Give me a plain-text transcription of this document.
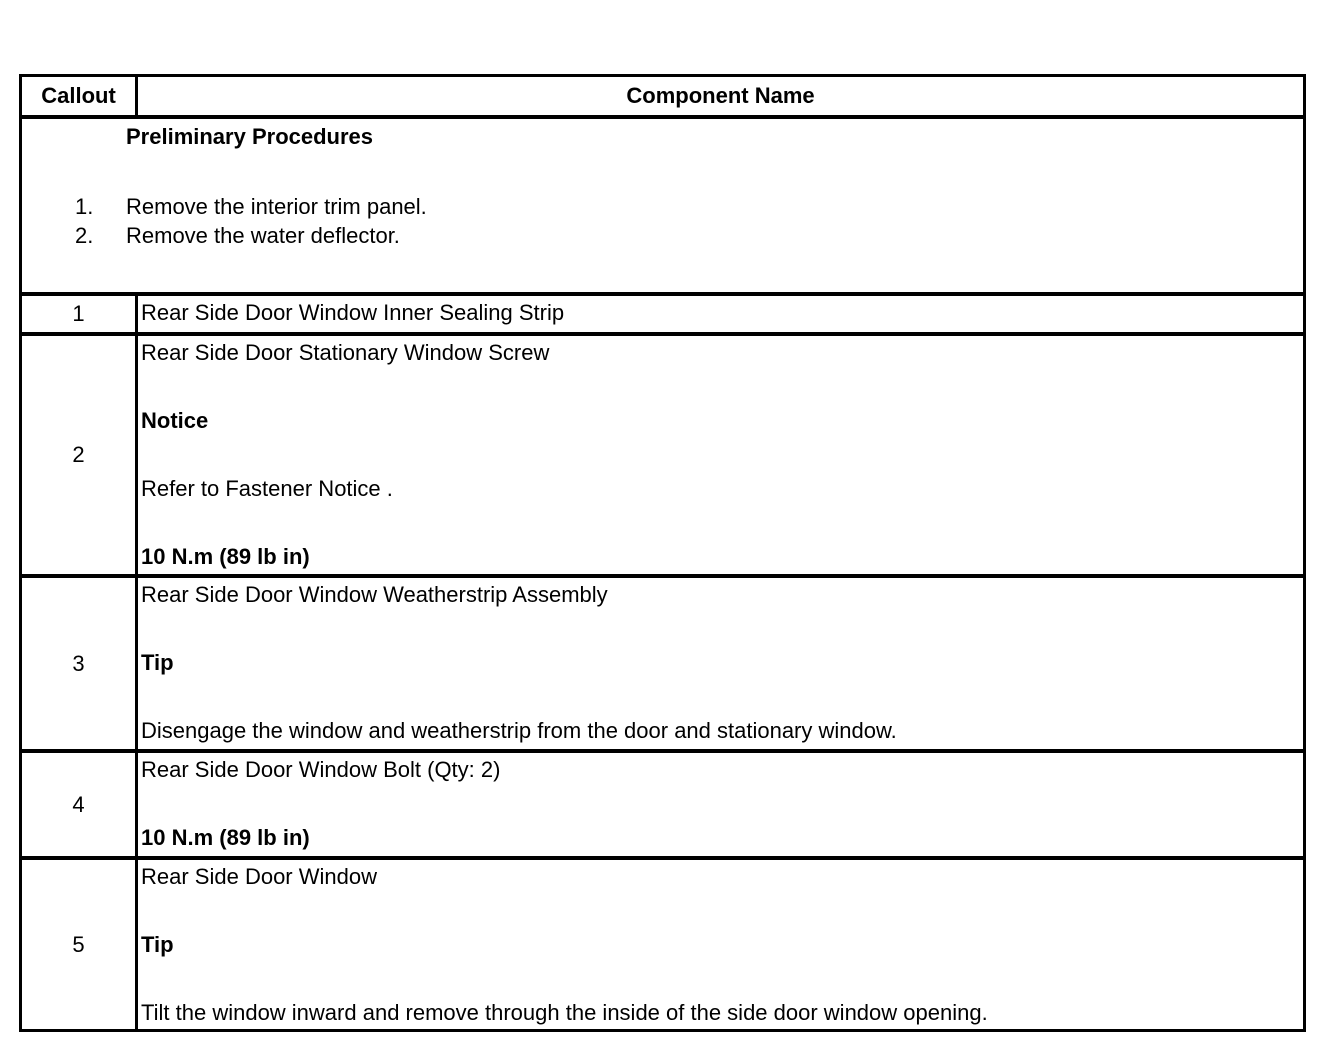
Callout	Component Name
Preliminary Procedures
1. Remove the interior trim panel.
2. Remove the water deflector.
1	Rear Side Door Window Inner Sealing Strip
2
Rear Side Door Stationary Window Screw
Notice
Refer to Fastener Notice .
10 N.m (89 lb in)
3
Rear Side Door Window Weatherstrip Assembly
Tip
Disengage the window and weatherstrip from the door and stationary window.
4
Rear Side Door Window Bolt (Qty: 2)
10 N.m (89 lb in)
5
Rear Side Door Window
Tip
Tilt the window inward and remove through the inside of the side door window opening.
